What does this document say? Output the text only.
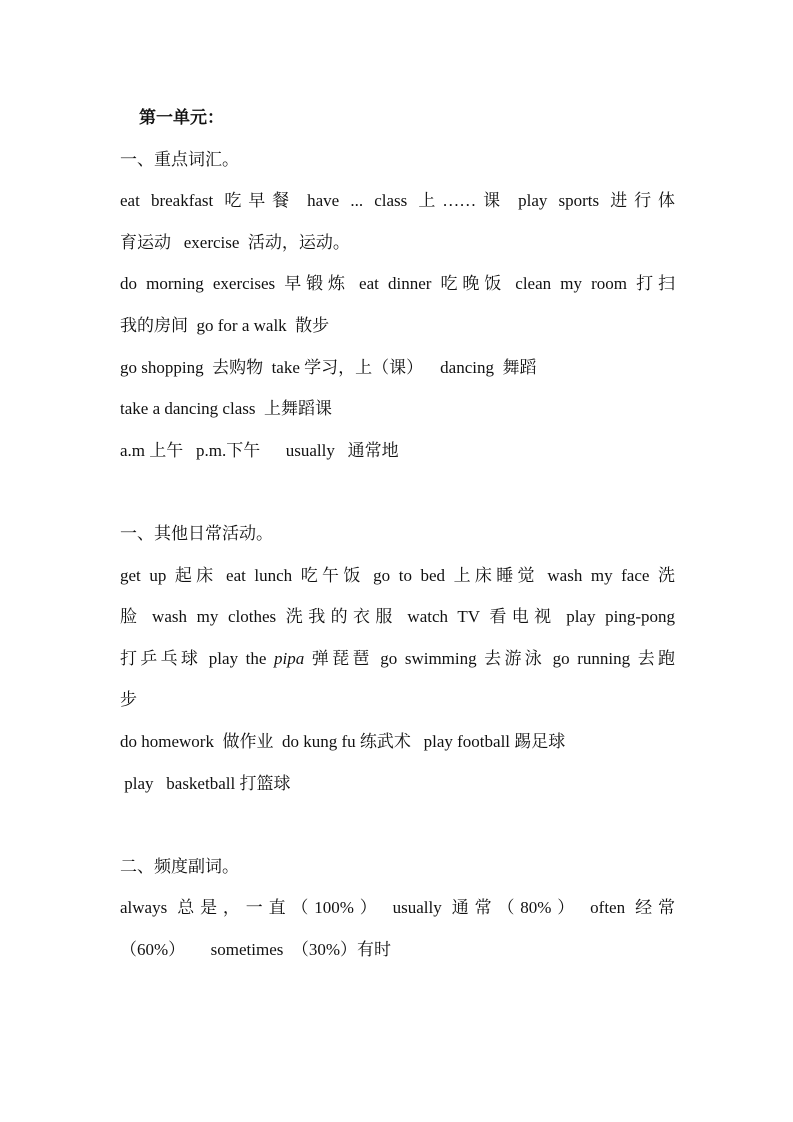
第一单元：
一、重点词汇。
eat breakfast 吃早餐 have ... class 上……课 play sports 进行体
育运动   exercise  活动，运动。
do morning exercises 早锻炼 eat dinner 吃晚饭 clean my room 打扫
我的房间  go for a walk  散步
go shopping  去购物  take 学习，上（课）    dancing  舞蹈
take a dancing class  上舞蹈课
a.m 上午   p.m.下午      usually   通常地
一、其他日常活动。
get up 起床 eat lunch 吃午饭 go to bed 上床睡觉 wash my face 洗
脸 wash my clothes 洗我的衣服 watch TV 看电视 play ping-pong
打乒乓球 play the pipa 弹琵琶 go swimming 去游泳 go running 去跑
步
do homework  做作业  do kung fu 练武术   play football 踢足球
play   basketball 打篮球
二、频度副词。
always 总是，一直（100%） usually 通常（80%） often 经常
（60%）      sometimes  （30%）有时
